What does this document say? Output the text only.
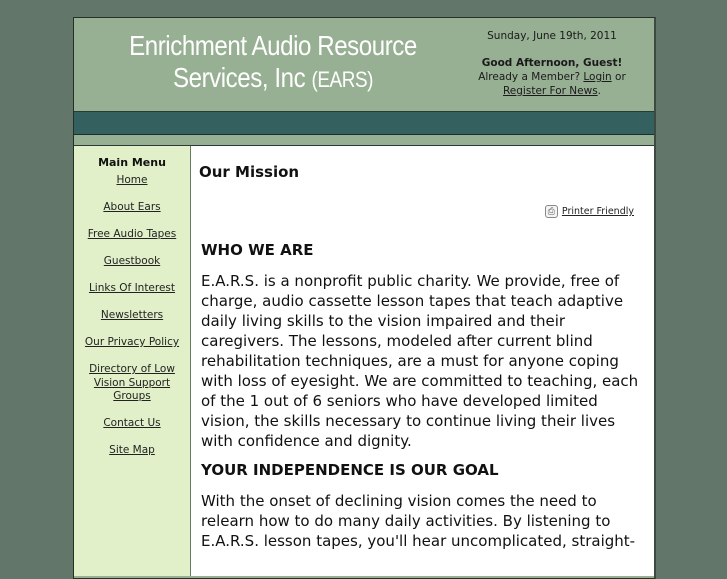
Enrichment Audio Resource
Services, Inc (EARS)
Sunday, June 19th, 2011
Good Afternoon, Guest!
Already a Member? Login or
Register For News.
Main Menu
Home
About Ears
Free Audio Tapes
Guestbook
Links Of Interest
Newsletters
Our Privacy Policy
Directory of Low Vision Support Groups
Contact Us
Site Map
Our Mission
⎙ Printer Friendly
WHO WE ARE

E.A.R.S. is a nonprofit public charity. We provide, free of charge, audio cassette lesson tapes that teach adaptive daily living skills to the vision impaired and their caregivers. The lessons, modeled after current blind rehabilitation techniques, are a must for anyone coping with loss of eyesight. We are committed to teaching, each of the 1 out of 6 seniors who have developed limited vision, the skills necessary to continue living their lives with confidence and dignity.

YOUR INDEPENDENCE IS OUR GOAL

With the onset of declining vision comes the need to relearn how to do many daily activities. By listening to E.A.R.S. lesson tapes, you'll hear uncomplicated, straight-
